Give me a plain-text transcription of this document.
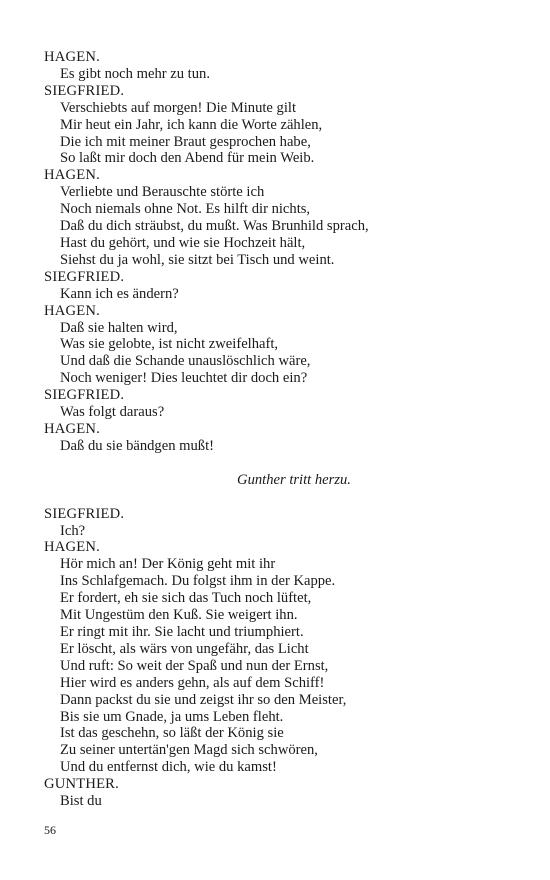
HAGEN.
Es gibt noch mehr zu tun.
SIEGFRIED.
Verschiebts auf morgen! Die Minute gilt
Mir heut ein Jahr, ich kann die Worte zählen,
Die ich mit meiner Braut gesprochen habe,
So laßt mir doch den Abend für mein Weib.
HAGEN.
Verliebte und Berauschte störte ich
Noch niemals ohne Not. Es hilft dir nichts,
Daß du dich sträubst, du mußt. Was Brunhild sprach,
Hast du gehört, und wie sie Hochzeit hält,
Siehst du ja wohl, sie sitzt bei Tisch und weint.
SIEGFRIED.
Kann ich es ändern?
HAGEN.
Daß sie halten wird,
Was sie gelobte, ist nicht zweifelhaft,
Und daß die Schande unauslöschlich wäre,
Noch weniger! Dies leuchtet dir doch ein?
SIEGFRIED.
Was folgt daraus?
HAGEN.
Daß du sie bändgen mußt!
Gunther tritt herzu.
SIEGFRIED.
Ich?
HAGEN.
Hör mich an! Der König geht mit ihr
Ins Schlafgemach. Du folgst ihm in der Kappe.
Er fordert, eh sie sich das Tuch noch lüftet,
Mit Ungestüm den Kuß. Sie weigert ihn.
Er ringt mit ihr. Sie lacht und triumphiert.
Er löscht, als wärs von ungefähr, das Licht
Und ruft: So weit der Spaß und nun der Ernst,
Hier wird es anders gehn, als auf dem Schiff!
Dann packst du sie und zeigst ihr so den Meister,
Bis sie um Gnade, ja ums Leben fleht.
Ist das geschehn, so läßt der König sie
Zu seiner untertän'gen Magd sich schwören,
Und du entfernst dich, wie du kamst!
GUNTHER.
Bist du
56
